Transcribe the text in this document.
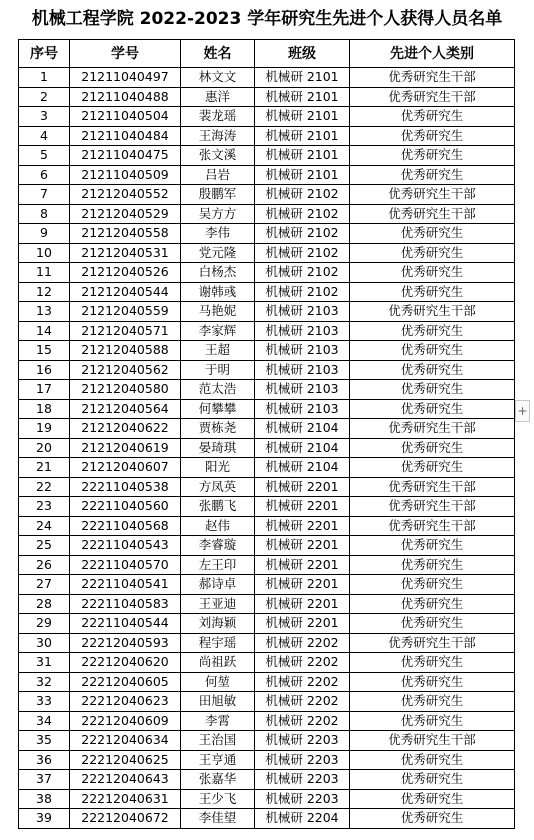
机械工程学院 2022-2023 学年研究生先进个人获得人员名单
序号	学号	姓名	班级	先进个人类别
1	21211040497	林文文	机械研 2101	优秀研究生干部
2	21211040488	惠洋	机械研 2101	优秀研究生干部
3	21211040504	裴龙瑶	机械研 2101	优秀研究生
4	21211040484	王海涛	机械研 2101	优秀研究生
5	21211040475	张文溪	机械研 2101	优秀研究生
6	21211040509	吕岩	机械研 2101	优秀研究生
7	21212040552	殷鹏军	机械研 2102	优秀研究生干部
8	21212040529	吴方方	机械研 2102	优秀研究生干部
9	21212040558	李伟	机械研 2102	优秀研究生
10	21212040531	党元隆	机械研 2102	优秀研究生
11	21212040526	白杨杰	机械研 2102	优秀研究生
12	21212040544	谢韩彧	机械研 2102	优秀研究生
13	21212040559	马艳妮	机械研 2103	优秀研究生干部
14	21212040571	李家辉	机械研 2103	优秀研究生
15	21212040588	王超	机械研 2103	优秀研究生
16	21212040562	于明	机械研 2103	优秀研究生
17	21212040580	范太浩	机械研 2103	优秀研究生
18	21212040564	何攀攀	机械研 2103	优秀研究生
19	21212040622	贾栋尧	机械研 2104	优秀研究生干部
20	21212040619	晏琦琪	机械研 2104	优秀研究生
21	21212040607	阳光	机械研 2104	优秀研究生
22	22211040538	方凤英	机械研 2201	优秀研究生干部
23	22211040560	张鹏飞	机械研 2201	优秀研究生干部
24	22211040568	赵伟	机械研 2201	优秀研究生干部
25	22211040543	李睿璇	机械研 2201	优秀研究生
26	22211040570	左王印	机械研 2201	优秀研究生
27	22211040541	郝诗卓	机械研 2201	优秀研究生
28	22211040583	王亚迪	机械研 2201	优秀研究生
29	22211040544	刘海颖	机械研 2201	优秀研究生
30	22212040593	程宇瑶	机械研 2202	优秀研究生干部
31	22212040620	尚祖跃	机械研 2202	优秀研究生
32	22212040605	何堃	机械研 2202	优秀研究生
33	22212040623	田旭敏	机械研 2202	优秀研究生
34	22212040609	李霄	机械研 2202	优秀研究生
35	22212040634	王治国	机械研 2203	优秀研究生干部
36	22212040625	王亨通	机械研 2203	优秀研究生
37	22212040643	张嘉华	机械研 2203	优秀研究生
38	22212040631	王少飞	机械研 2203	优秀研究生
39	22212040672	李佳望	机械研 2204	优秀研究生
+
